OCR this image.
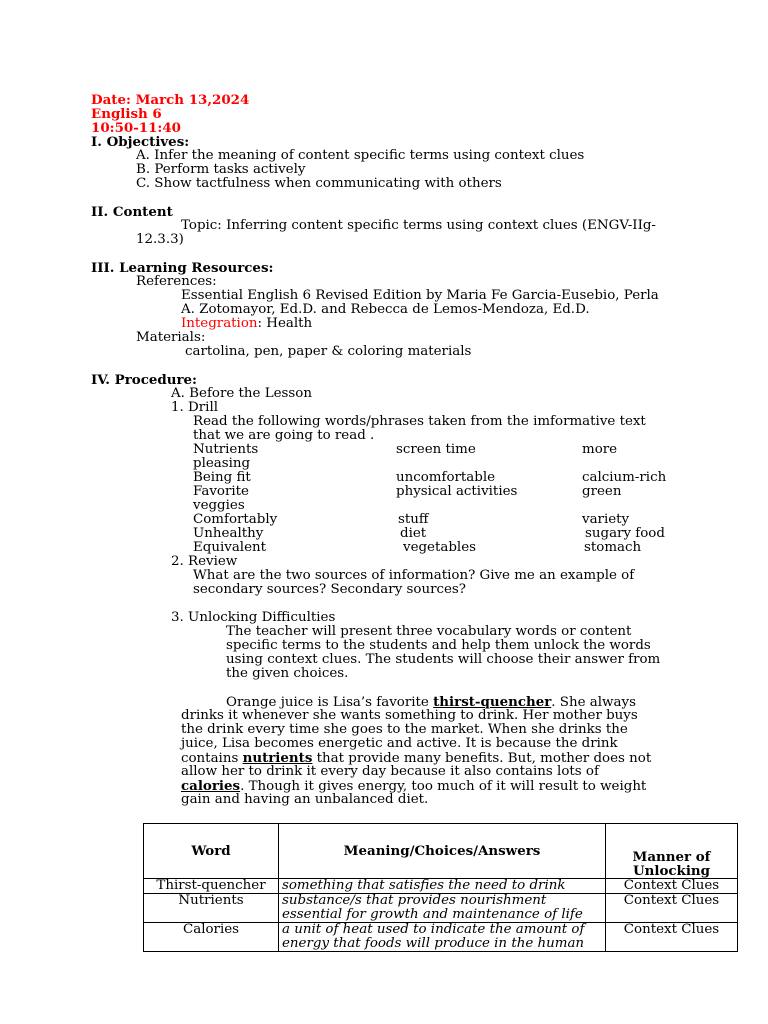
Date: March 13,2024
English 6
10:50-11:40
I. Objectives:
A. Infer the meaning of content specific terms using context clues
B. Perform tasks actively
C. Show tactfulness when communicating with others
II. Content
Topic: Inferring content specific terms using context clues (ENGV-IIg-
12.3.3)
III. Learning Resources:
References:
Essential English 6 Revised Edition by Maria Fe Garcia-Eusebio, Perla
A. Zotomayor, Ed.D. and Rebecca de Lemos-Mendoza, Ed.D.
Integration: Health
Materials:
cartolina, pen, paper & coloring materials
IV. Procedure:
A. Before the Lesson
1. Drill
Read the following words/phrases taken from the imformative text
that we are going to read .
Nutrients	screen time	more
pleasing
Being fit	uncomfortable	calcium-rich
Favorite	physical activities	green
veggies
Comfortably	stuff	variety
Unhealthy	diet	sugary food
Equivalent	vegetables	stomach
2. Review
What are the two sources of information? Give me an example of
secondary sources? Secondary sources?
3. Unlocking Difficulties
The teacher will present three vocabulary words or content
specific terms to the students and help them unlock the words
using context clues. The students will choose their answer from
the given choices.
Orange juice is Lisa’s favorite thirst-quencher. She always
drinks it whenever she wants something to drink. Her mother buys
the drink every time she goes to the market. When she drinks the
juice, Lisa becomes energetic and active. It is because the drink
contains nutrients that provide many benefits. But, mother does not
allow her to drink it every day because it also contains lots of
calories. Though it gives energy, too much of it will result to weight
gain and having an unbalanced diet.
Word	Meaning/Choices/Answers	Manner of
Unlocking

Thirst-quencher	something that satisfies the need to drink	Context Clues
Nutrients	substance/s that provides nourishment
essential for growth and maintenance of life	Context Clues
Calories	a unit of heat used to indicate the amount of
energy that foods will produce in the human	Context Clues
